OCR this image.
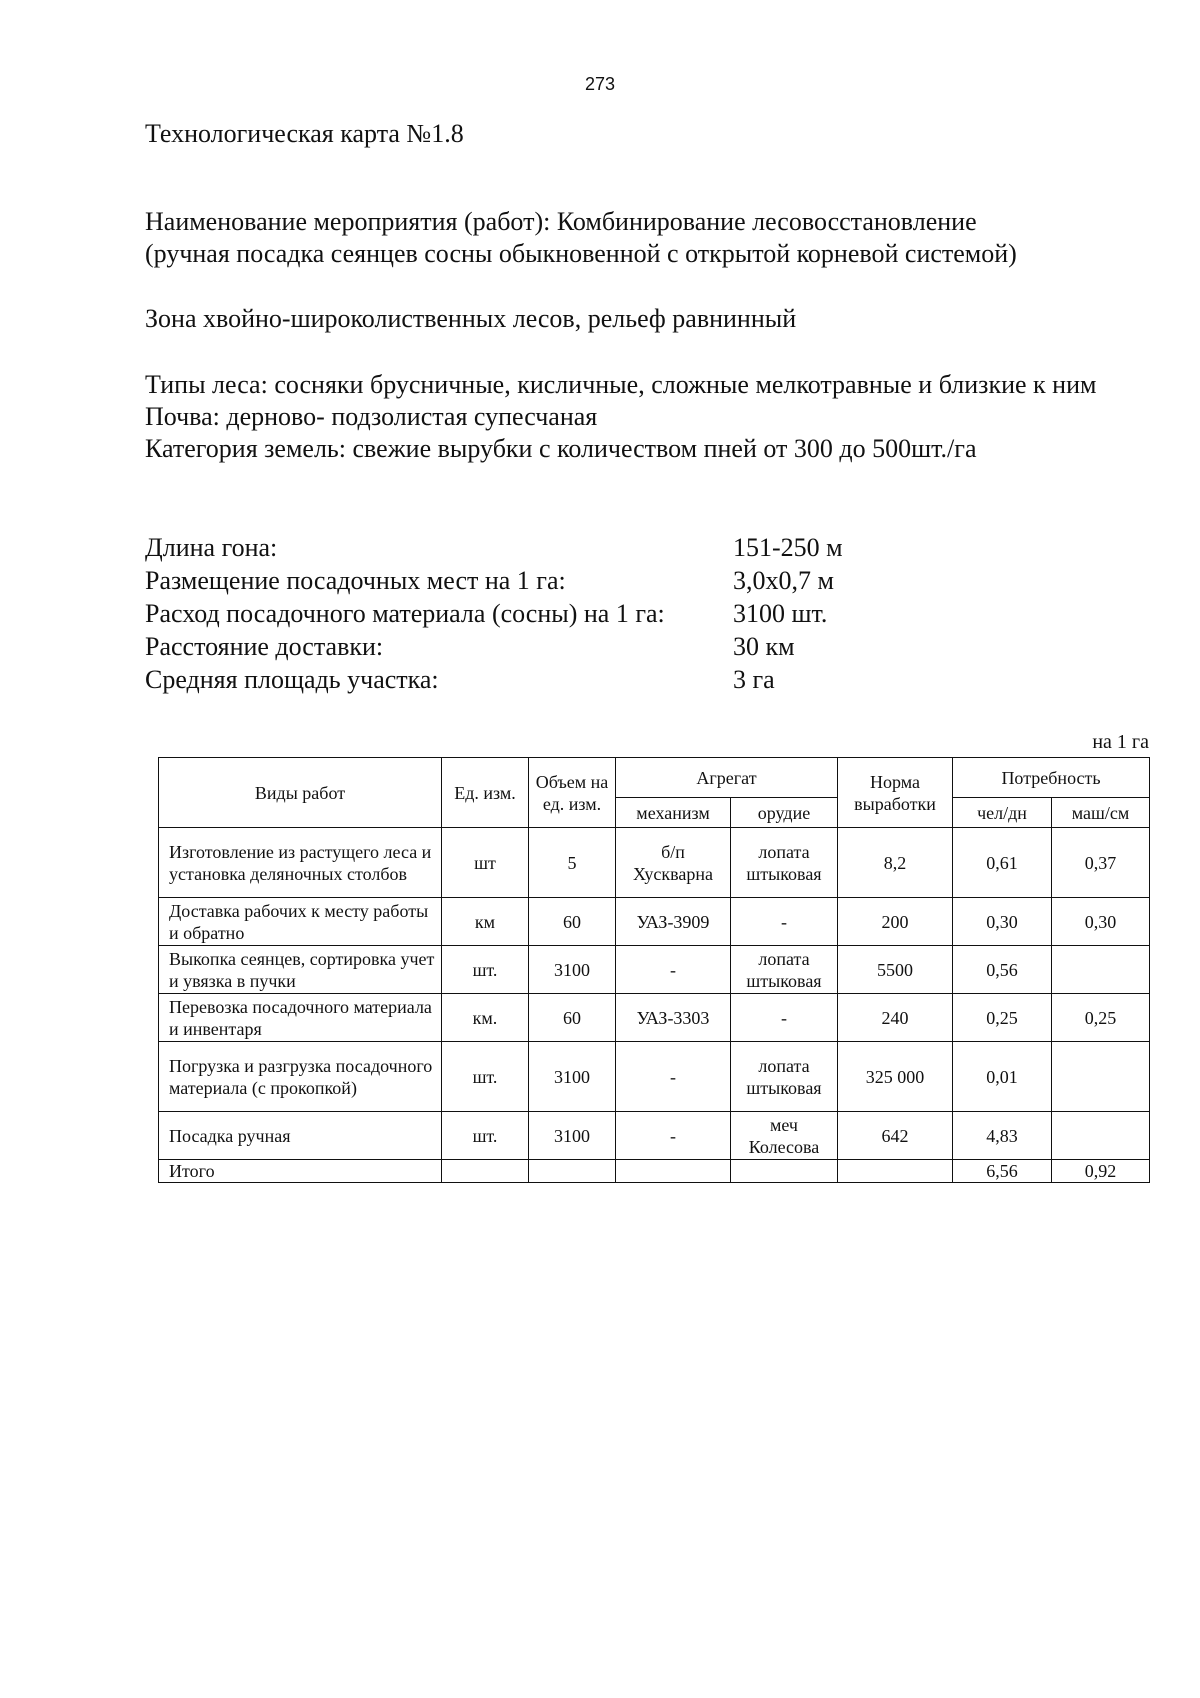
273
Технологическая карта №1.8
Наименование мероприятия (работ): Комбинирование лесовосстановление
(ручная посадка сеянцев сосны обыкновенной с открытой корневой системой)
Зона хвойно-широколиственных лесов, рельеф равнинный

Типы леса: сосняки брусничные, кисличные, сложные мелкотравные и близкие к ним

Почва: дерново- подзолистая супесчаная

Категория земель: свежие вырубки с количеством пней от 300 до 500шт./га

Длина гона:	151-250 м
Размещение посадочных мест на 1 га:	3,0х0,7 м
Расход посадочного материала (сосны) на 1 га:	3100 шт.
Расстояние доставки:	30 км
Средняя площадь участка:	3 га
на 1 га
Виды работ	Ед. изм.	Объем на ед. изм.	Агрегат		Норма выработки	Потребность	
			механизм	орудие		чел/дн	маш/см
Изготовление из растущего леса и установка деляночных столбов	шт	5	б/п Хускварна	лопата штыковая	8,2	0,61	0,37
Доставка рабочих к месту работы и обратно	км	60	УАЗ-3909	-	200	0,30	0,30
Выкопка сеянцев, сортировка учет и увязка в пучки	шт.	3100	-	лопата штыковая	5500	0,56	
Перевозка посадочного материала и инвентаря	км.	60	УАЗ-3303	-	240	0,25	0,25
Погрузка и разгрузка посадочного материала (с прокопкой)	шт.	3100	-	лопата штыковая	325 000	0,01	
Посадка ручная	шт.	3100	-	меч Колесова	642	4,83	
Итого						6,56	0,92
